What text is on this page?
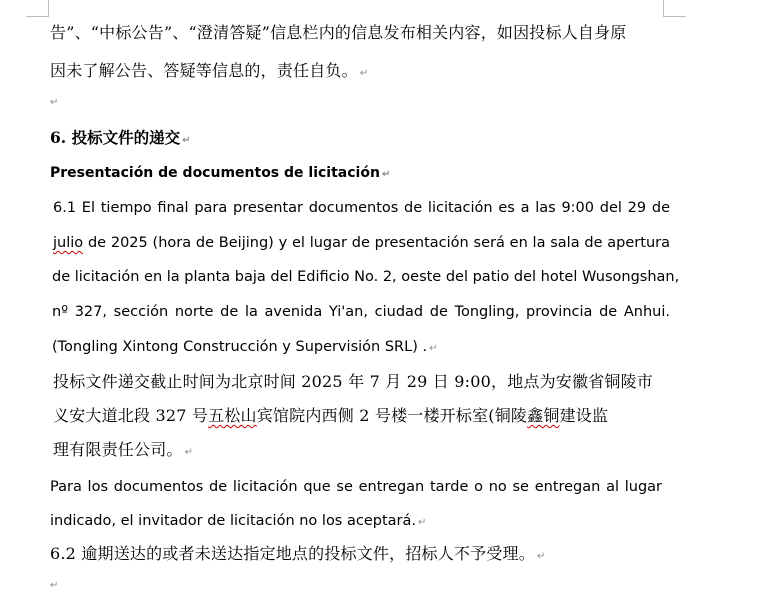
告”、“中标公告”、“澄清答疑”信息栏内的信息发布相关内容，如因投标人自身原
因未了解公告、答疑等信息的，责任自负。 ↵
↵
6. 投标文件的递交 ↵
Presentación de documentos de licitación ↵
6.1 El tiempo final para presentar documentos de licitación es a las 9:00 del 29 de
julio de 2025 (hora de Beijing) y el lugar de presentación será en la sala de apertura
de licitación en la planta baja del Edificio No. 2, oeste del patio del hotel Wusongshan,
nº 327, sección norte de la avenida Yi'an, ciudad de Tongling, provincia de Anhui.
(Tongling Xintong Construcción y Supervisión SRL) . ↵
投标文件递交截止时间为北京时间 2025 年 7 月 29 日 9:00，地点为安徽省铜陵市
义安大道北段 327 号五松山宾馆院内西侧 2 号楼一楼开标室(铜陵鑫铜建设监
理有限责任公司。 ↵
Para los documentos de licitación que se entregan tarde o no se entregan al lugar
indicado, el invitador de licitación no los aceptará. ↵
6.2 逾期送达的或者未送达指定地点的投标文件，招标人不予受理。 ↵
↵
